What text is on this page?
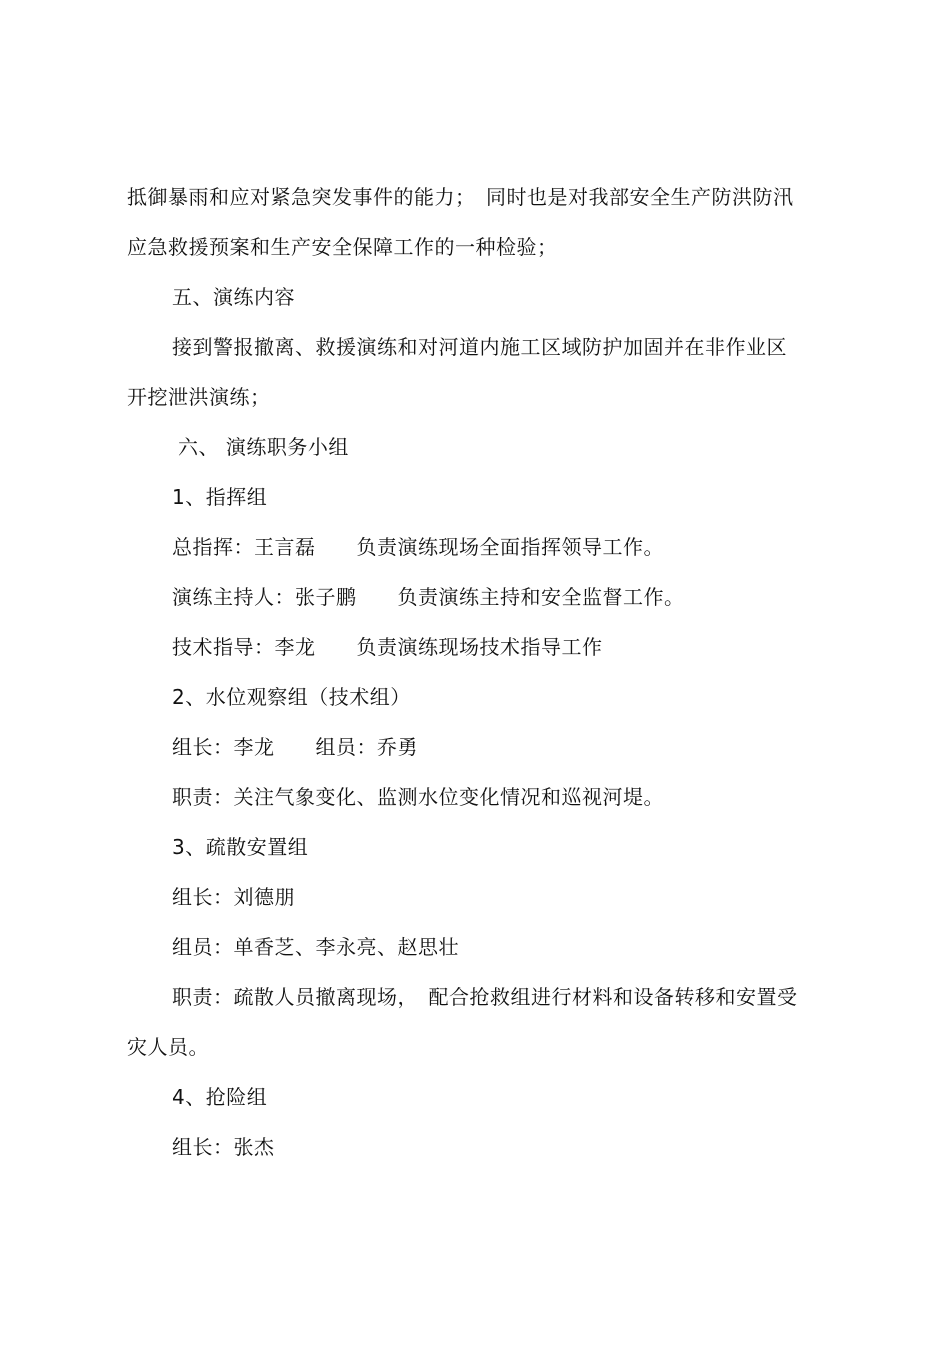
抵御暴雨和应对紧急突发事件的能力；　同时也是对我部安全生产防洪防汛
应急救援预案和生产安全保障工作的一种检验；
五、演练内容
接到警报撤离、救援演练和对河道内施工区域防护加固并在非作业区
开挖泄洪演练；
六、 演练职务小组
1、指挥组
总指挥：王言磊　　负责演练现场全面指挥领导工作。
演练主持人：张子鹏　　负责演练主持和安全监督工作。
技术指导：李龙　　负责演练现场技术指导工作
2、水位观察组（技术组）
组长：李龙　　组员：乔勇
职责：关注气象变化、监测水位变化情况和巡视河堤。
3、疏散安置组
组长：刘德朋
组员：单香芝、李永亮、赵思壮
职责：疏散人员撤离现场，　配合抢救组进行材料和设备转移和安置受
灾人员。
4、抢险组
组长：张杰
